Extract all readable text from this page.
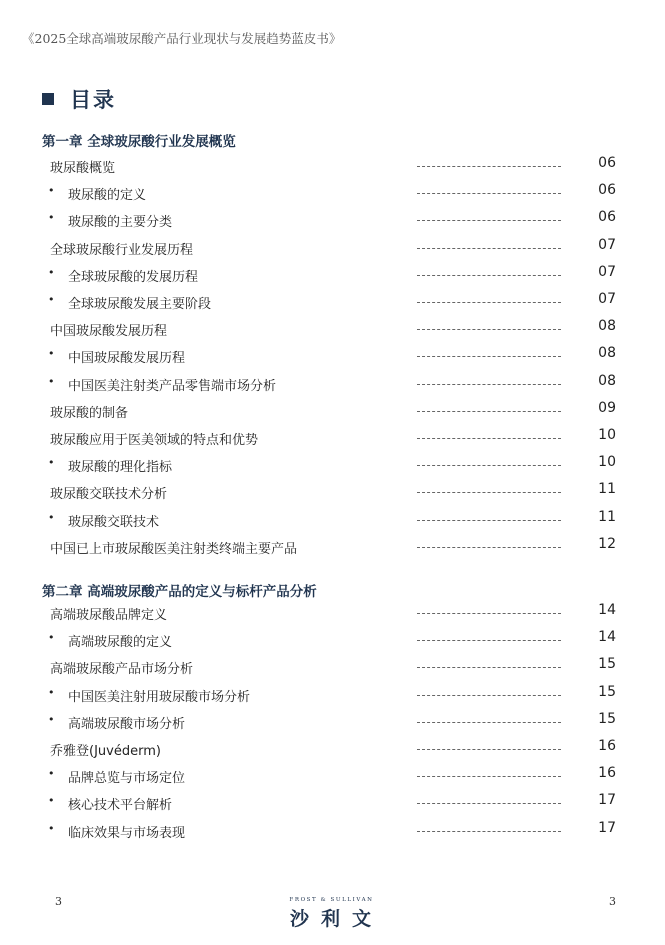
《2025全球高端玻尿酸产品行业现状与发展趋势蓝皮书》
目录
第一章 全球玻尿酸行业发展概览
玻尿酸概览	06
• 玻尿酸的定义	06
• 玻尿酸的主要分类	06
全球玻尿酸行业发展历程	07
• 全球玻尿酸的发展历程	07
• 全球玻尿酸发展主要阶段	07
中国玻尿酸发展历程	08
• 中国玻尿酸发展历程	08
• 中国医美注射类产品零售端市场分析	08
玻尿酸的制备	09
玻尿酸应用于医美领域的特点和优势	10
• 玻尿酸的理化指标	10
玻尿酸交联技术分析	11
• 玻尿酸交联技术	11
中国已上市玻尿酸医美注射类终端主要产品	12
第二章 高端玻尿酸产品的定义与标杆产品分析
高端玻尿酸品牌定义	14
• 高端玻尿酸的定义	14
高端玻尿酸产品市场分析	15
• 中国医美注射用玻尿酸市场分析	15
• 高端玻尿酸市场分析	15
乔雅登(Juvéderm)	16
• 品牌总览与市场定位	16
• 核心技术平台解析	17
• 临床效果与市场表现	17
3	3
FROST & SULLIVAN
沙利文
